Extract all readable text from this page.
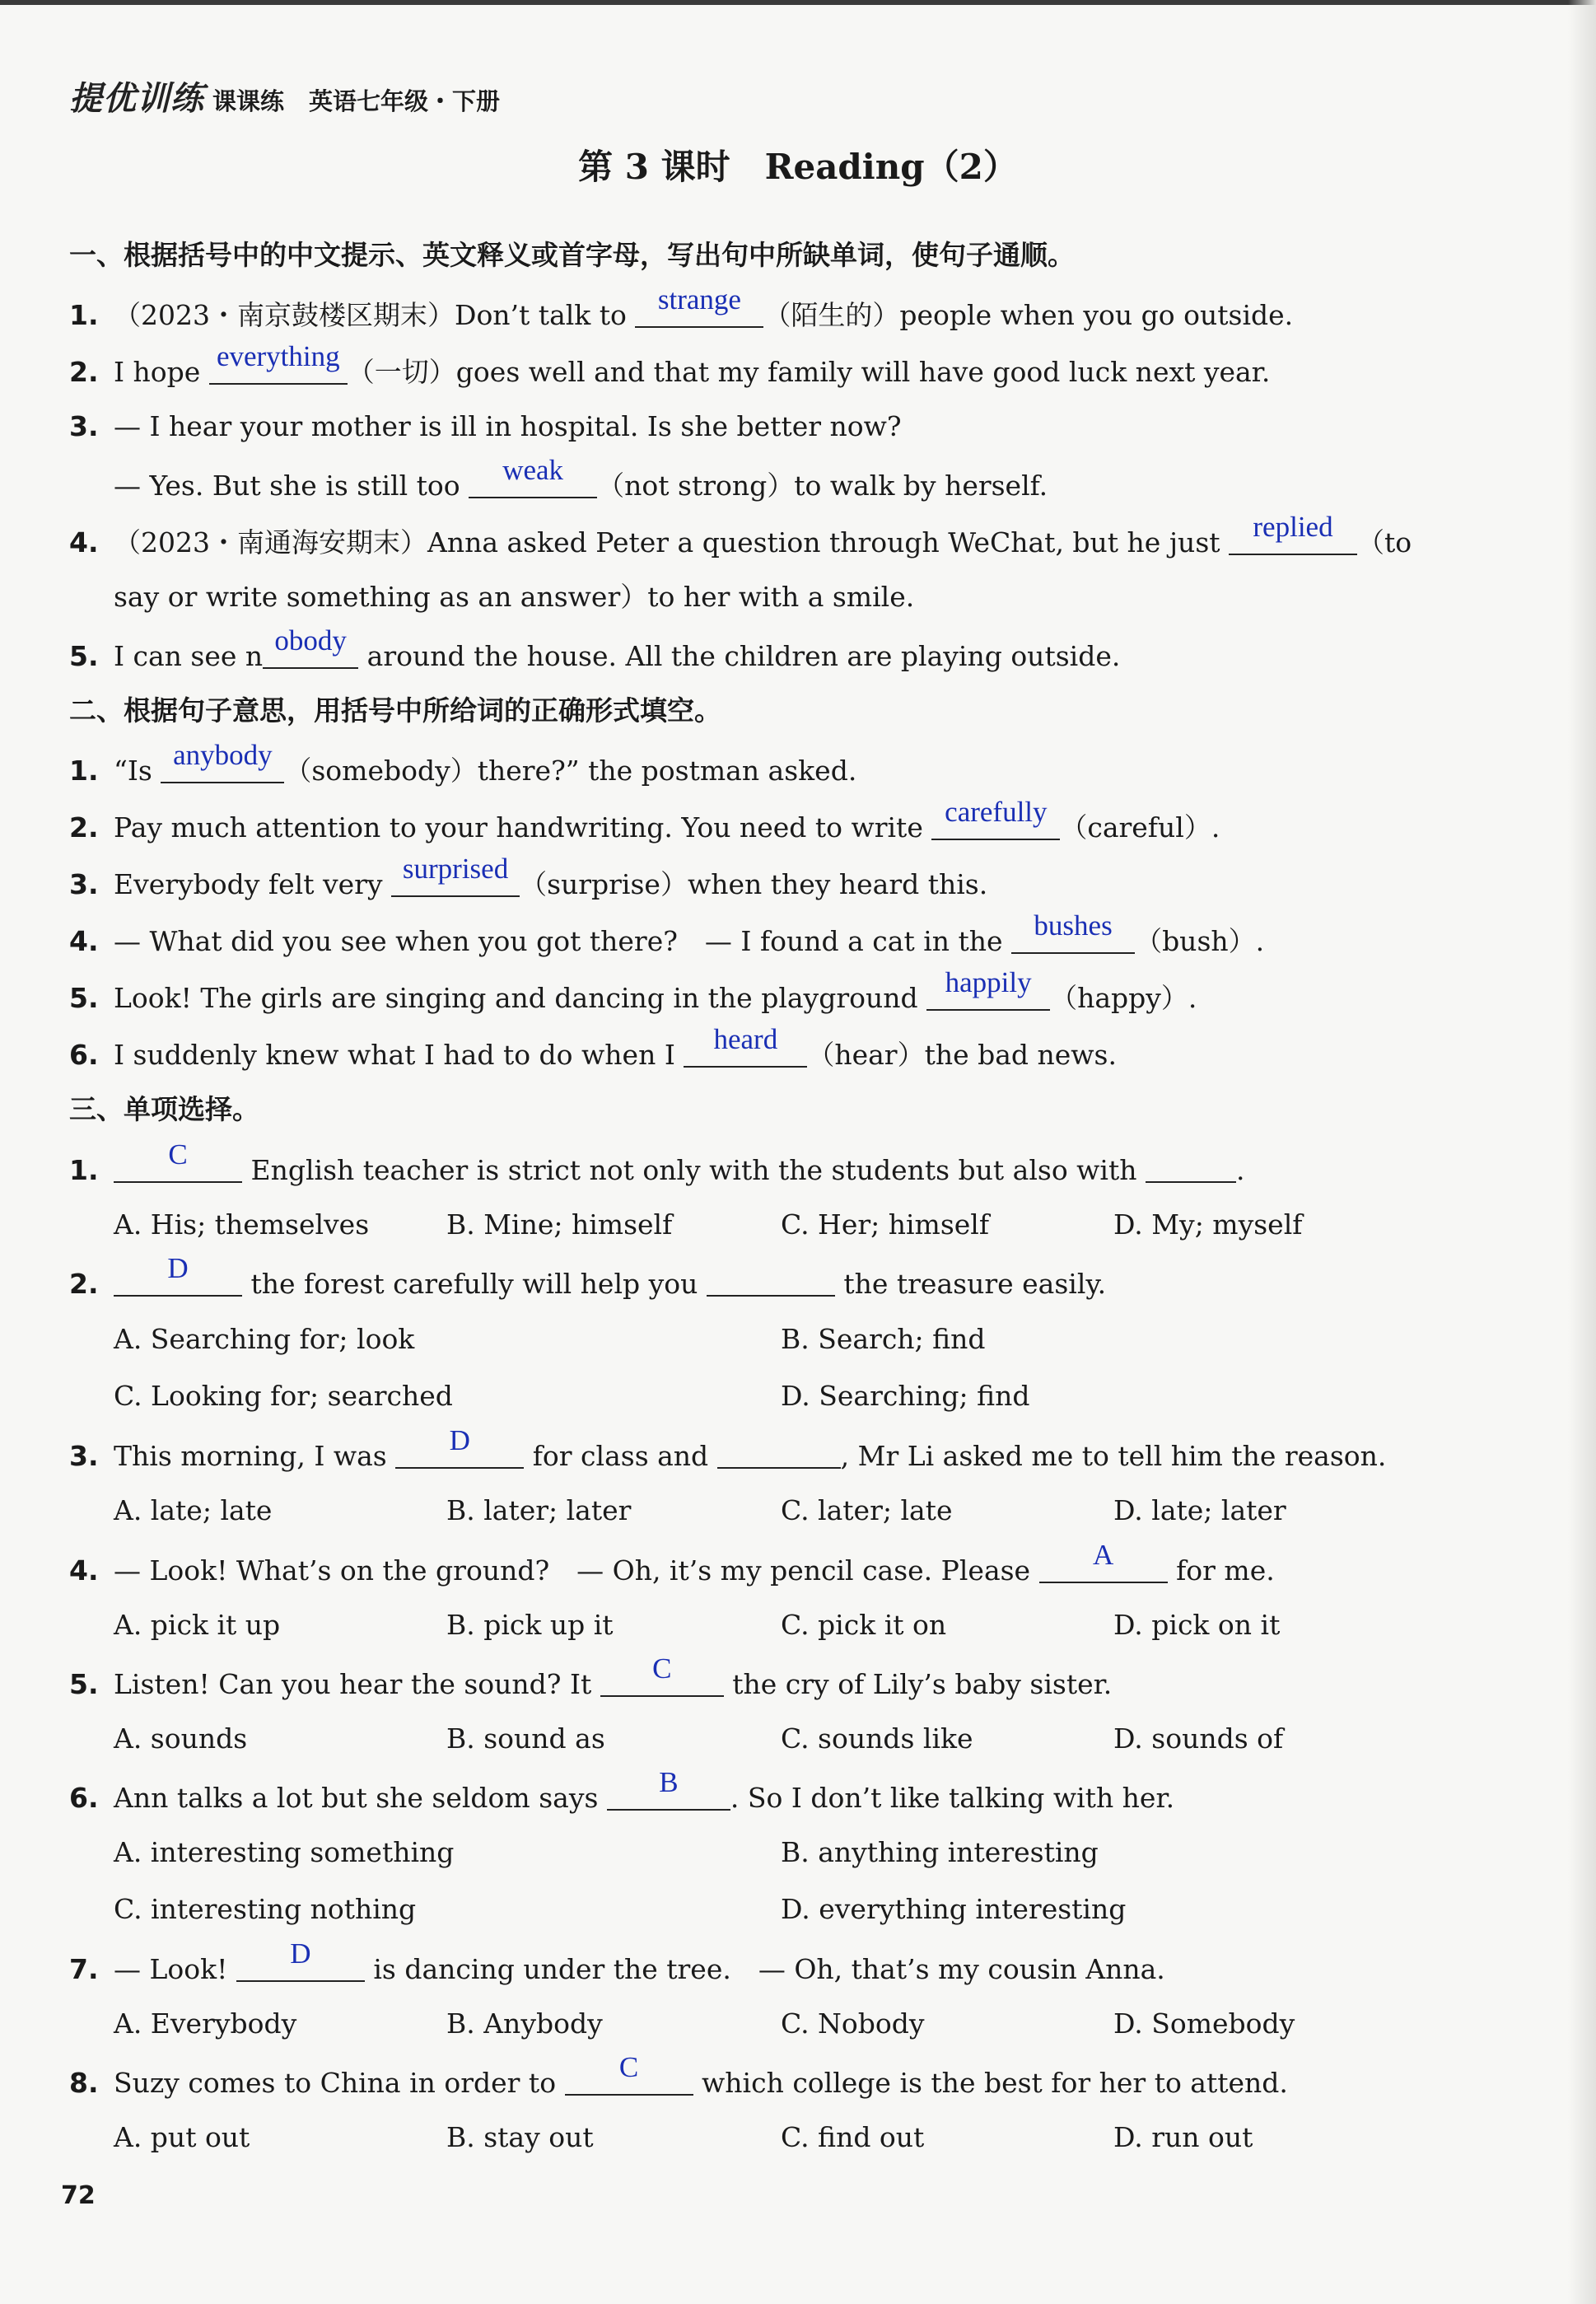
提优训练 课课练 英语七年级・下册
第 3 课时　Reading（2）
一、根据括号中的中文提示、英文释义或首字母，写出句中所缺单词，使句子通顺。
1. （2023・南京鼓楼区期末）Don’t talk to strange （陌生的）people when you go outside.
2. I hope everything （一切）goes well and that my family will have good luck next year.
3. — I hear your mother is ill in hospital. Is she better now?
— Yes. But she is still too	weak	（not strong）to walk by herself.
4. （2023・南通海安期末）Anna asked Peter a question through WeChat, but he just replied （to
say or write something as an answer）to her with a smile.
5. I can see n obody around the house. All the children are playing outside.
二、根据句子意思，用括号中所给词的正确形式填空。
1. “Is anybody （somebody）there?” the postman asked.
2. Pay much attention to your handwriting. You need to write carefully （careful）.
3. Everybody felt very surprised （surprise）when they heard this.
4. — What did you see when you got there?　— I found a cat in the bushes （bush）.
5. Look! The girls are singing and dancing in the playground happily （happy）.
6. I suddenly knew what I had to do when I	heard	（hear）the bad news.
三、单项选择。
1.	C	English teacher is strict not only with the students but also with	.
A. His; themselves	B. Mine; himself	C. Her; himself	D. My; myself
2.	D	the forest carefully will help you	the treasure easily.
A. Searching for; look	B. Search; find
C. Looking for; searched	D. Searching; find
3. This morning, I was	D	for class and	, Mr Li asked me to tell him the reason.
A. late; late	B. later; later	C. later; late	D. late; later
4. — Look! What’s on the ground?　— Oh, it’s my pencil case. Please	A	for me.
A. pick it up	B. pick up it	C. pick it on	D. pick on it
5. Listen! Can you hear the sound? It	C	the cry of Lily’s baby sister.
A. sounds	B. sound as	C. sounds like	D. sounds of
6. Ann talks a lot but she seldom says	B	. So I don’t like talking with her.
A. interesting something	B. anything interesting
C. interesting nothing	D. everything interesting
7. — Look!	D	is dancing under the tree.　— Oh, that’s my cousin Anna.
A. Everybody	B. Anybody	C. Nobody	D. Somebody
8. Suzy comes to China in order to	C	which college is the best for her to attend.
A. put out	B. stay out	C. find out	D. run out
72
